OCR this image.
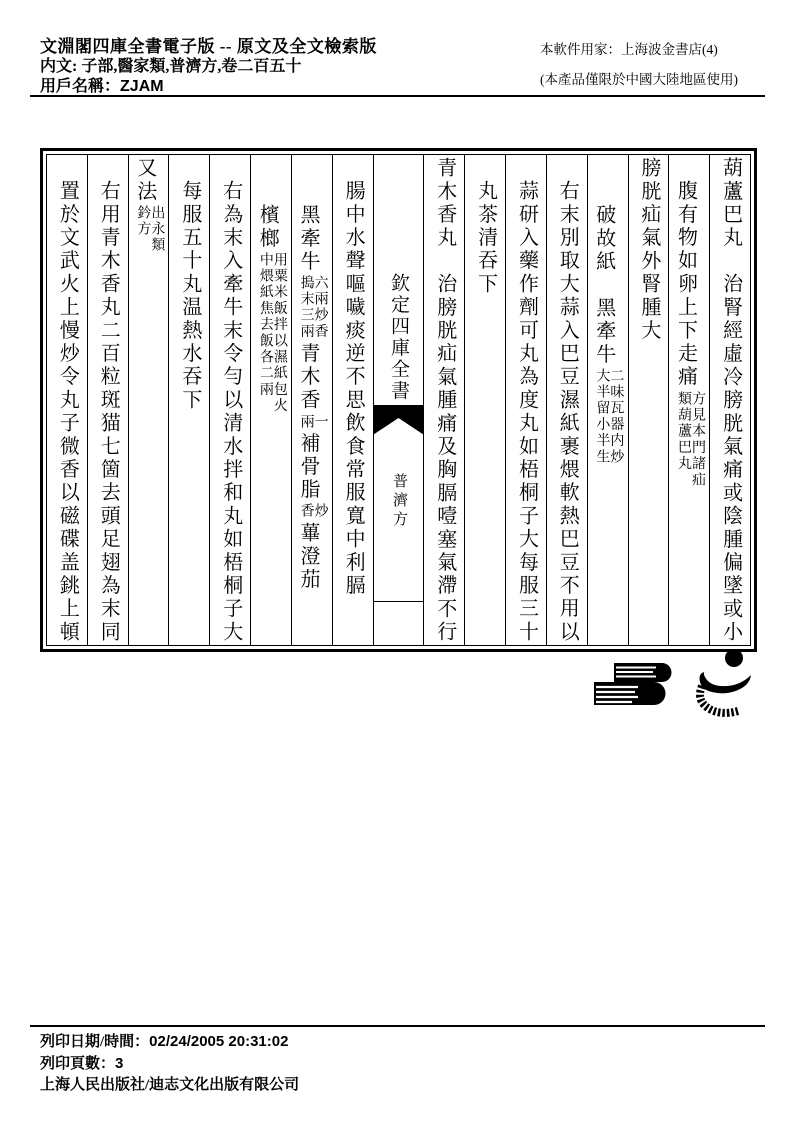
文淵閣四庫全書電子版 -- 原文及全文檢索版
内文: 子部,醫家類,普濟方,卷二百五十
用戶名稱：ZJAM
本軟件用家：上海波金書店(4)
(本產品僅限於中國大陸地區使用)
葫蘆巴丸　治腎經虛冷膀胱氣痛或陰腫偏墜或小
腹有物如卵上下走痛
方見本門諸疝
類葫蘆巴丸
膀胱疝氣外腎腫大
破故紙　黑牽牛
二味瓦器内炒
大半留小半生
右末別取大蒜入巴豆濕紙裹煨軟熱巴豆不用以
蒜研入藥作劑可丸為度丸如梧桐子大每服三十
丸茶清吞下
青木香丸　治膀胱疝氣腫痛及胸膈噎塞氣滯不行
欽定四庫全書
普濟方
腸中水聲嘔噦痰逆不思飲食常服寬中利膈
黑牽牛
六兩炒香
搗末三兩
青木香
一
兩
補骨脂
炒
香
蓽澄茄
檳榔
用粟米飯拌以濕紙包火
中煨紙焦去飯各二兩
右為末入牽牛末令勻以清水拌和丸如梧桐子大
每服五十丸温熱水吞下
又法
出永類
鈐方
右用青木香丸二百粒斑猫七箇去頭足翅為末同
置於文武火上慢炒令丸子微香以磁碟盖銚上頓
列印日期/時間：02/24/2005 20:31:02
列印頁數：3
上海人民出版社/迪志文化出版有限公司
